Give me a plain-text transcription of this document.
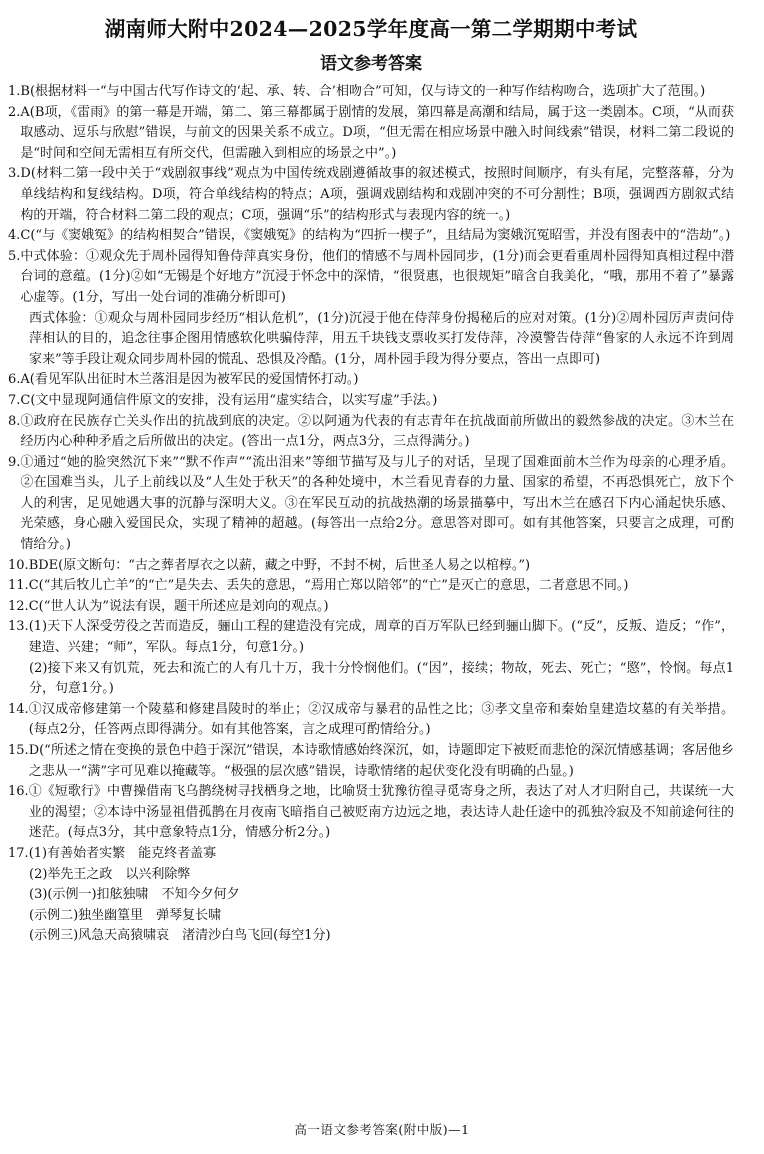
湖南师大附中2024—2025学年度高一第二学期期中考试
语文参考答案
1. B(根据材料一“与中国古代写作诗文的‘起、承、转、合’相吻合”可知，仅与诗文的一种写作结构吻合，选项扩大了范围。)
2. A(B项，《雷雨》的第一幕是开端，第二、第三幕都属于剧情的发展，第四幕是高潮和结局，属于这一类剧本。C项，“从而获取感动、逗乐与欣慰”错误，与前文的因果关系不成立。D项，“但无需在相应场景中融入时间线索”错误，材料二第二段说的是“时间和空间无需相互有所交代，但需融入到相应的场景之中”。)
3. D(材料二第一段中关于“戏剧叙事线”观点为中国传统戏剧遵循故事的叙述模式，按照时间顺序，有头有尾，完整落幕，分为单线结构和复线结构。D项，符合单线结构的特点；A项，强调戏剧结构和戏剧冲突的不可分割性；B项，强调西方剧叙式结构的开端，符合材料二第二段的观点；C项，强调“乐”的结构形式与表现内容的统一。)
4. C(“与《窦娥冤》的结构相契合”错误，《窦娥冤》的结构为“四折一楔子”，且结局为窦娥沉冤昭雪，并没有图表中的“浩劫”。)
5. 中式体验：①观众先于周朴园得知鲁侍萍真实身份，他们的情感不与周朴园同步，(1分)而会更看重周朴园得知真相过程中潜台词的意蕴。(1分)②如“无锡是个好地方”沉浸于怀念中的深情，“很贤惠，也很规矩”暗含自我美化，“哦，那用不着了”暴露心虚等。(1分，写出一处台词的准确分析即可)
西式体验：①观众与周朴园同步经历“相认危机”，(1分)沉浸于他在侍萍身份揭秘后的应对对策。(1分)②周朴园厉声责问侍萍相认的目的，追念往事企图用情感软化哄骗侍萍，用五千块钱支票收买打发侍萍，冷漠警告侍萍“鲁家的人永远不许到周家来”等手段让观众同步周朴园的慌乱、恐惧及冷酷。(1分，周朴园手段为得分要点，答出一点即可)
6. A(看见军队出征时木兰落泪是因为被军民的爱国情怀打动。)
7. C(文中显现阿通信件原文的安排，没有运用“虚实结合，以实写虚”手法。)
8. ①政府在民族存亡关头作出的抗战到底的决定。②以阿通为代表的有志青年在抗战面前所做出的毅然参战的决定。③木兰在经历内心种种矛盾之后所做出的决定。(答出一点1分，两点3分，三点得满分。)
9. ①通过“她的脸突然沉下来”“默不作声”“流出泪来”等细节描写及与儿子的对话，呈现了国难面前木兰作为母亲的心理矛盾。②在国难当头，儿子上前线以及“人生处于秋天”的各种处境中，木兰看见青春的力量、国家的希望，不再恐惧死亡，放下个人的利害，足见她遇大事的沉静与深明大义。③在军民互动的抗战热潮的场景描摹中，写出木兰在感召下内心涌起快乐感、光荣感，身心融入爱国民众，实现了精神的超越。(每答出一点给2分。意思答对即可。如有其他答案，只要言之成理，可酌情给分。)
10. BDE(原文断句：“古之葬者厚衣之以薪，藏之中野，不封不树，后世圣人易之以棺椁。”)
11. C(“其后牧儿亡羊”的“亡”是失去、丢失的意思，“焉用亡郑以陪邻”的“亡”是灭亡的意思，二者意思不同。)
12. C(“世人认为”说法有误，题干所述应是刘向的观点。)
13. (1)天下人深受劳役之苦而造反，骊山工程的建造没有完成，周章的百万军队已经到骊山脚下。(“反”，反叛、造反；“作”，建造、兴建；“师”，军队。每点1分，句意1分。)
(2)接下来又有饥荒，死去和流亡的人有几十万，我十分怜悯他们。(“因”，接续；物故，死去、死亡；“愍”，怜悯。每点1分，句意1分。)
14. ①汉成帝修建第一个陵墓和修建昌陵时的举止；②汉成帝与暴君的品性之比；③孝文皇帝和秦始皇建造坟墓的有关举措。(每点2分，任答两点即得满分。如有其他答案，言之成理可酌情给分。)
15. D(“所述之情在变换的景色中趋于深沉”错误，本诗歌情感始终深沉，如，诗题即定下被贬而悲怆的深沉情感基调；客居他乡之悲从一“满”字可见难以掩藏等。“极强的层次感”错误，诗歌情绪的起伏变化没有明确的凸显。)
16. ①《短歌行》中曹操借南飞乌鹊绕树寻找栖身之地，比喻贤士犹豫彷徨寻觅寄身之所，表达了对人才归附自己，共谋统一大业的渴望；②本诗中汤显祖借孤鹊在月夜南飞暗指自己被贬南方边远之地，表达诗人赴任途中的孤独冷寂及不知前途何往的迷茫。(每点3分，其中意象特点1分，情感分析2分。)
17. (1)有善始者实繁　能克终者盖寡
(2)举先王之政　以兴利除弊
(3)(示例一)扣舷独啸　不知今夕何夕
(示例二)独坐幽篁里　弹琴复长啸
(示例三)风急天高猿啸哀　渚清沙白鸟飞回(每空1分)
高一语文参考答案(附中版)—1
